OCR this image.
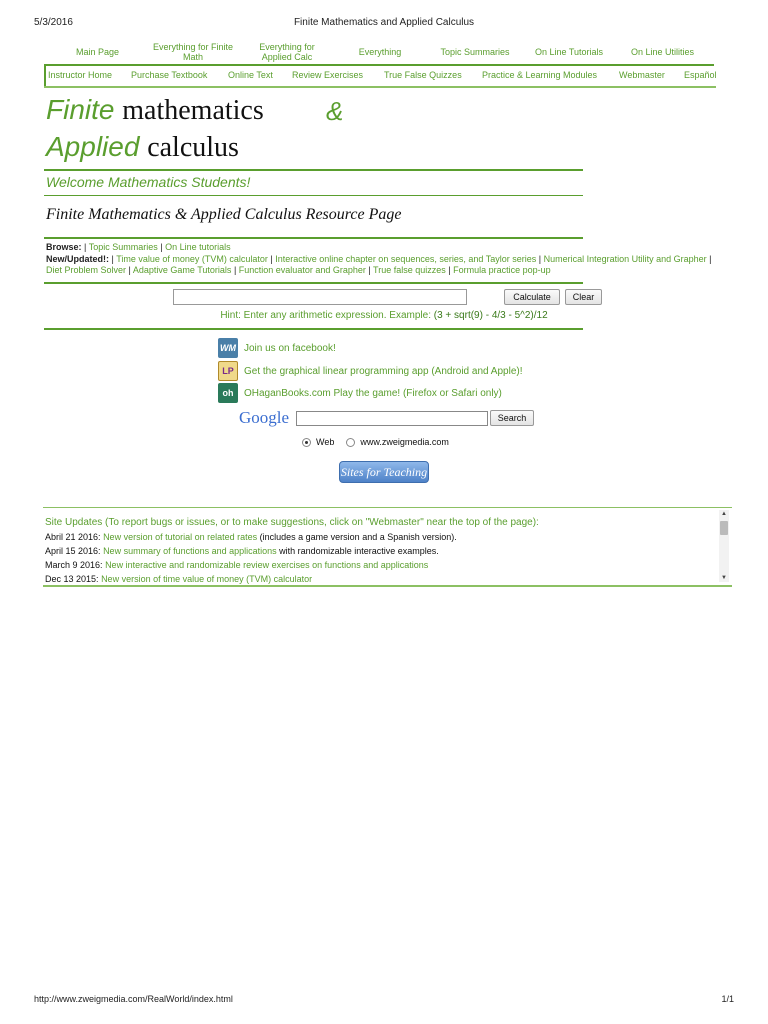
5/3/2016	Finite Mathematics and Applied Calculus
Main Page	Everything for Finite Math
Everything for Applied Calc	Everything	Topic Summaries	On Line Tutorials	On Line Utilities
Instructor Home Purchase Textbook Online Text Review Exercises True False Quizzes Practice & Learning Modules Webmaster Español
Finite mathematics &
Applied calculus
Welcome Mathematics Students!
Finite Mathematics & Applied Calculus Resource Page
Browse: | Topic Summaries | On Line tutorials
New/Updated!: | Time value of money (TVM) calculator | Interactive online chapter on sequences, series, and Taylor series | Numerical Integration Utility and Grapher | Diet Problem Solver | Adaptive Game Tutorials | Function evaluator and Grapher | True false quizzes | Formula practice pop-up
Calculate	Clear
Hint: Enter any arithmetic expression. Example: (3 + sqrt(9) - 4/3 - 5^2)/12
WM Join us on facebook!
LP	Get the graphical linear programming app (Android and Apple)!
oh	OHaganBooks.com Play the game! (Firefox or Safari only)
Google	Search
Web	www.zweigmedia.com
Sites for Teaching
Site Updates (To report bugs or issues, or to make suggestions, click on "Webmaster" near the top of the page):
Abril 21 2016: New version of tutorial on related rates (includes a game version and a Spanish version).
April 15 2016: New summary of functions and applications with randomizable interactive examples.
March 9 2016: New interactive and randomizable review exercises on functions and applications
Dec 13 2015: New version of time value of money (TVM) calculator
▲
▼
http://www.zweigmedia.com/RealWorld/index.html	1/1
